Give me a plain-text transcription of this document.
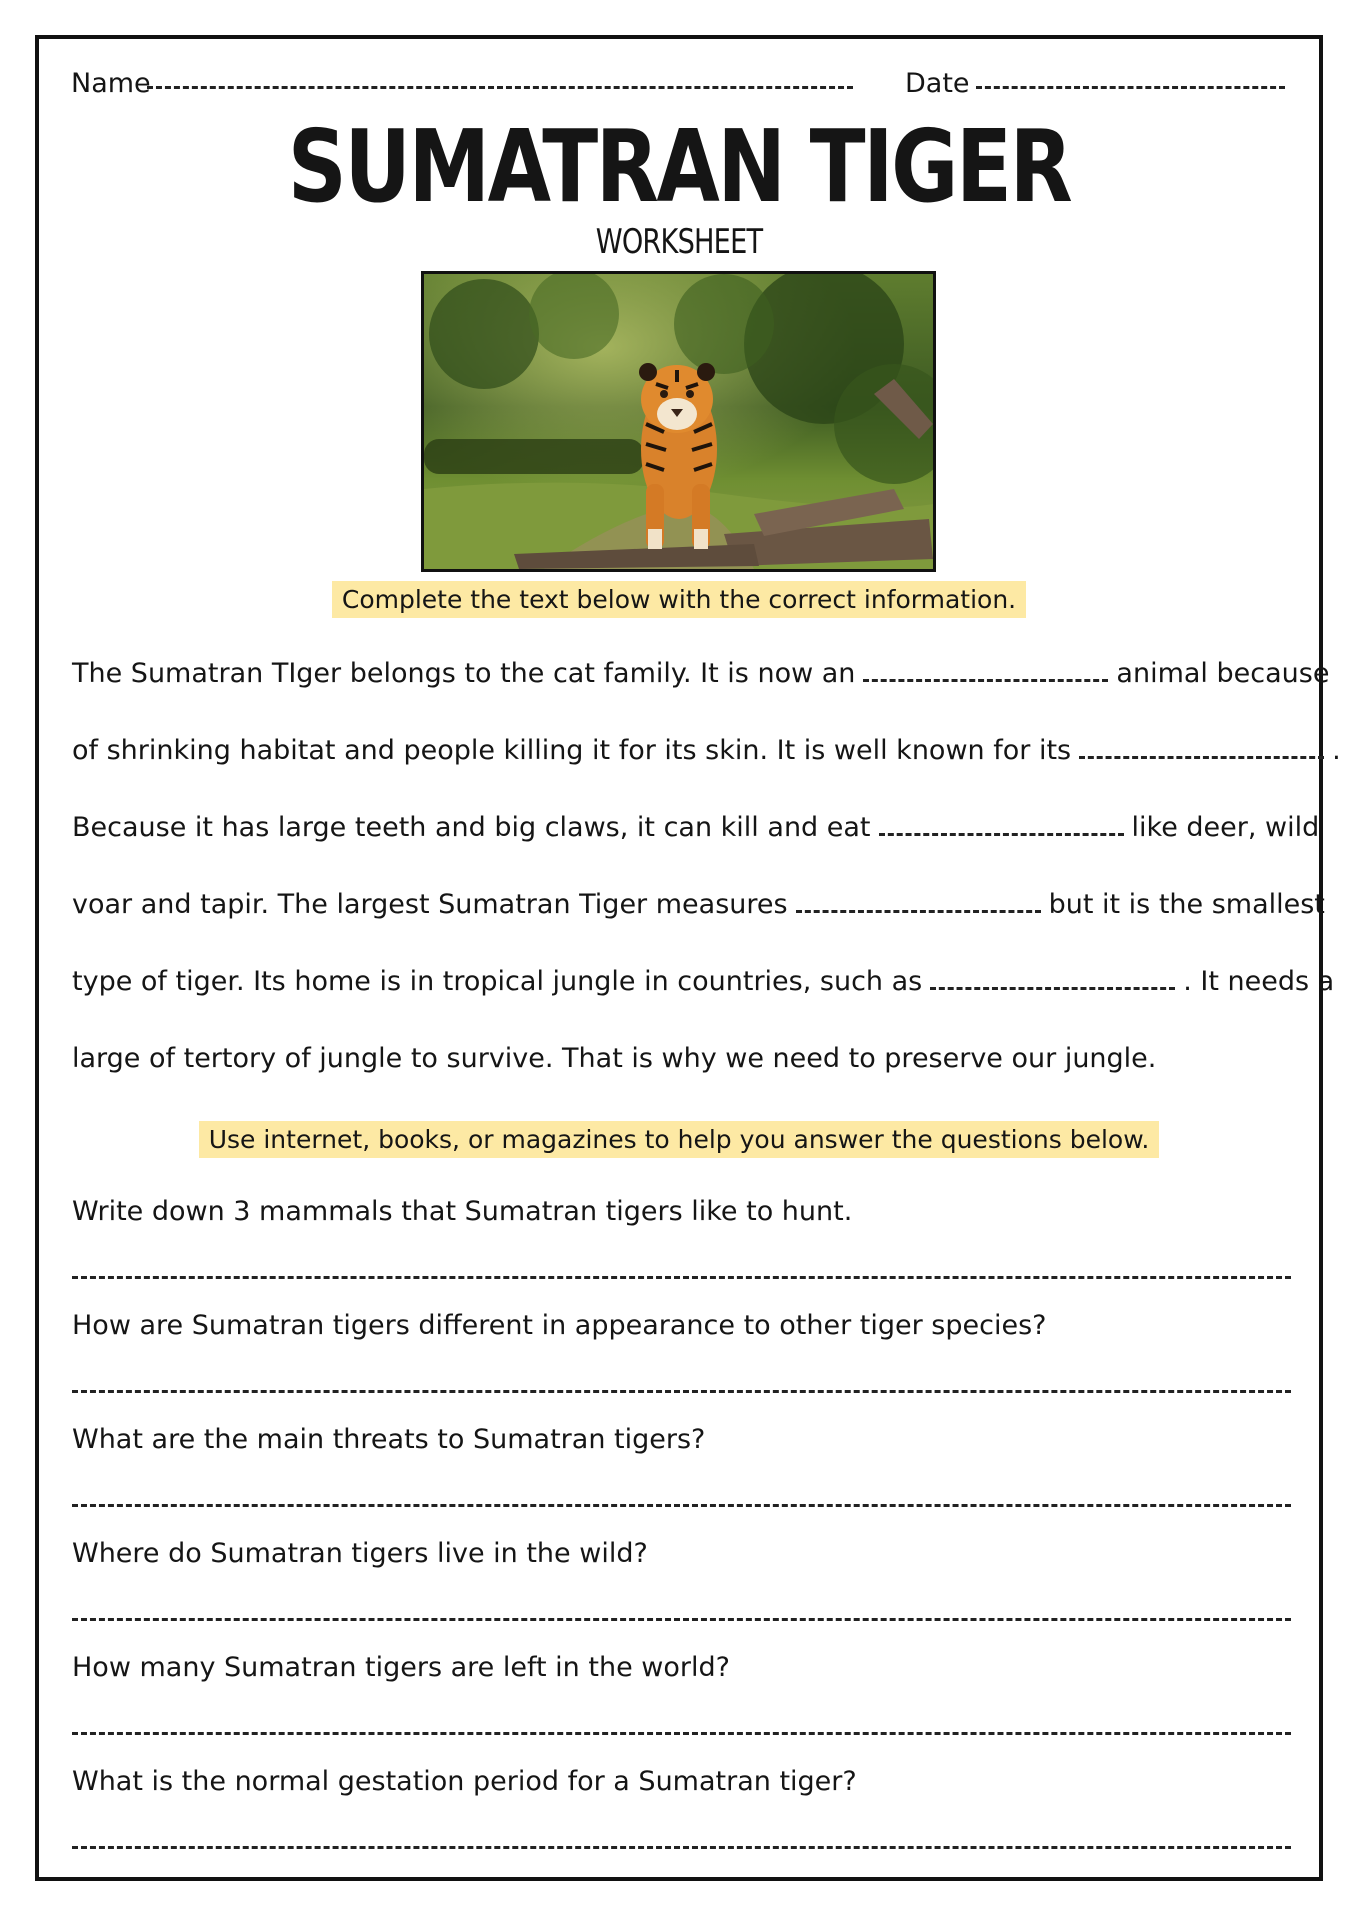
Name	Date
SUMATRAN TIGER
WORKSHEET
Complete the text below with the correct information.
The Sumatran TIger belongs to the cat family. It is now an	animal because
of shrinking habitat and people killing it for its skin. It is well known for its	.
Because it has large teeth and big claws, it can kill and eat	like deer, wild
voar and tapir. The largest Sumatran Tiger measures	but it is the smallest
type of tiger. Its home is in tropical jungle in countries, such as	. It needs a
large of tertory of jungle to survive. That is why we need to preserve our jungle.
Use internet, books, or magazines to help you answer the questions below.
Write down 3 mammals that Sumatran tigers like to hunt.
How are Sumatran tigers different in appearance to other tiger species?
What are the main threats to Sumatran tigers?
Where do Sumatran tigers live in the wild?
How many Sumatran tigers are left in the world?
What is the normal gestation period for a Sumatran tiger?
